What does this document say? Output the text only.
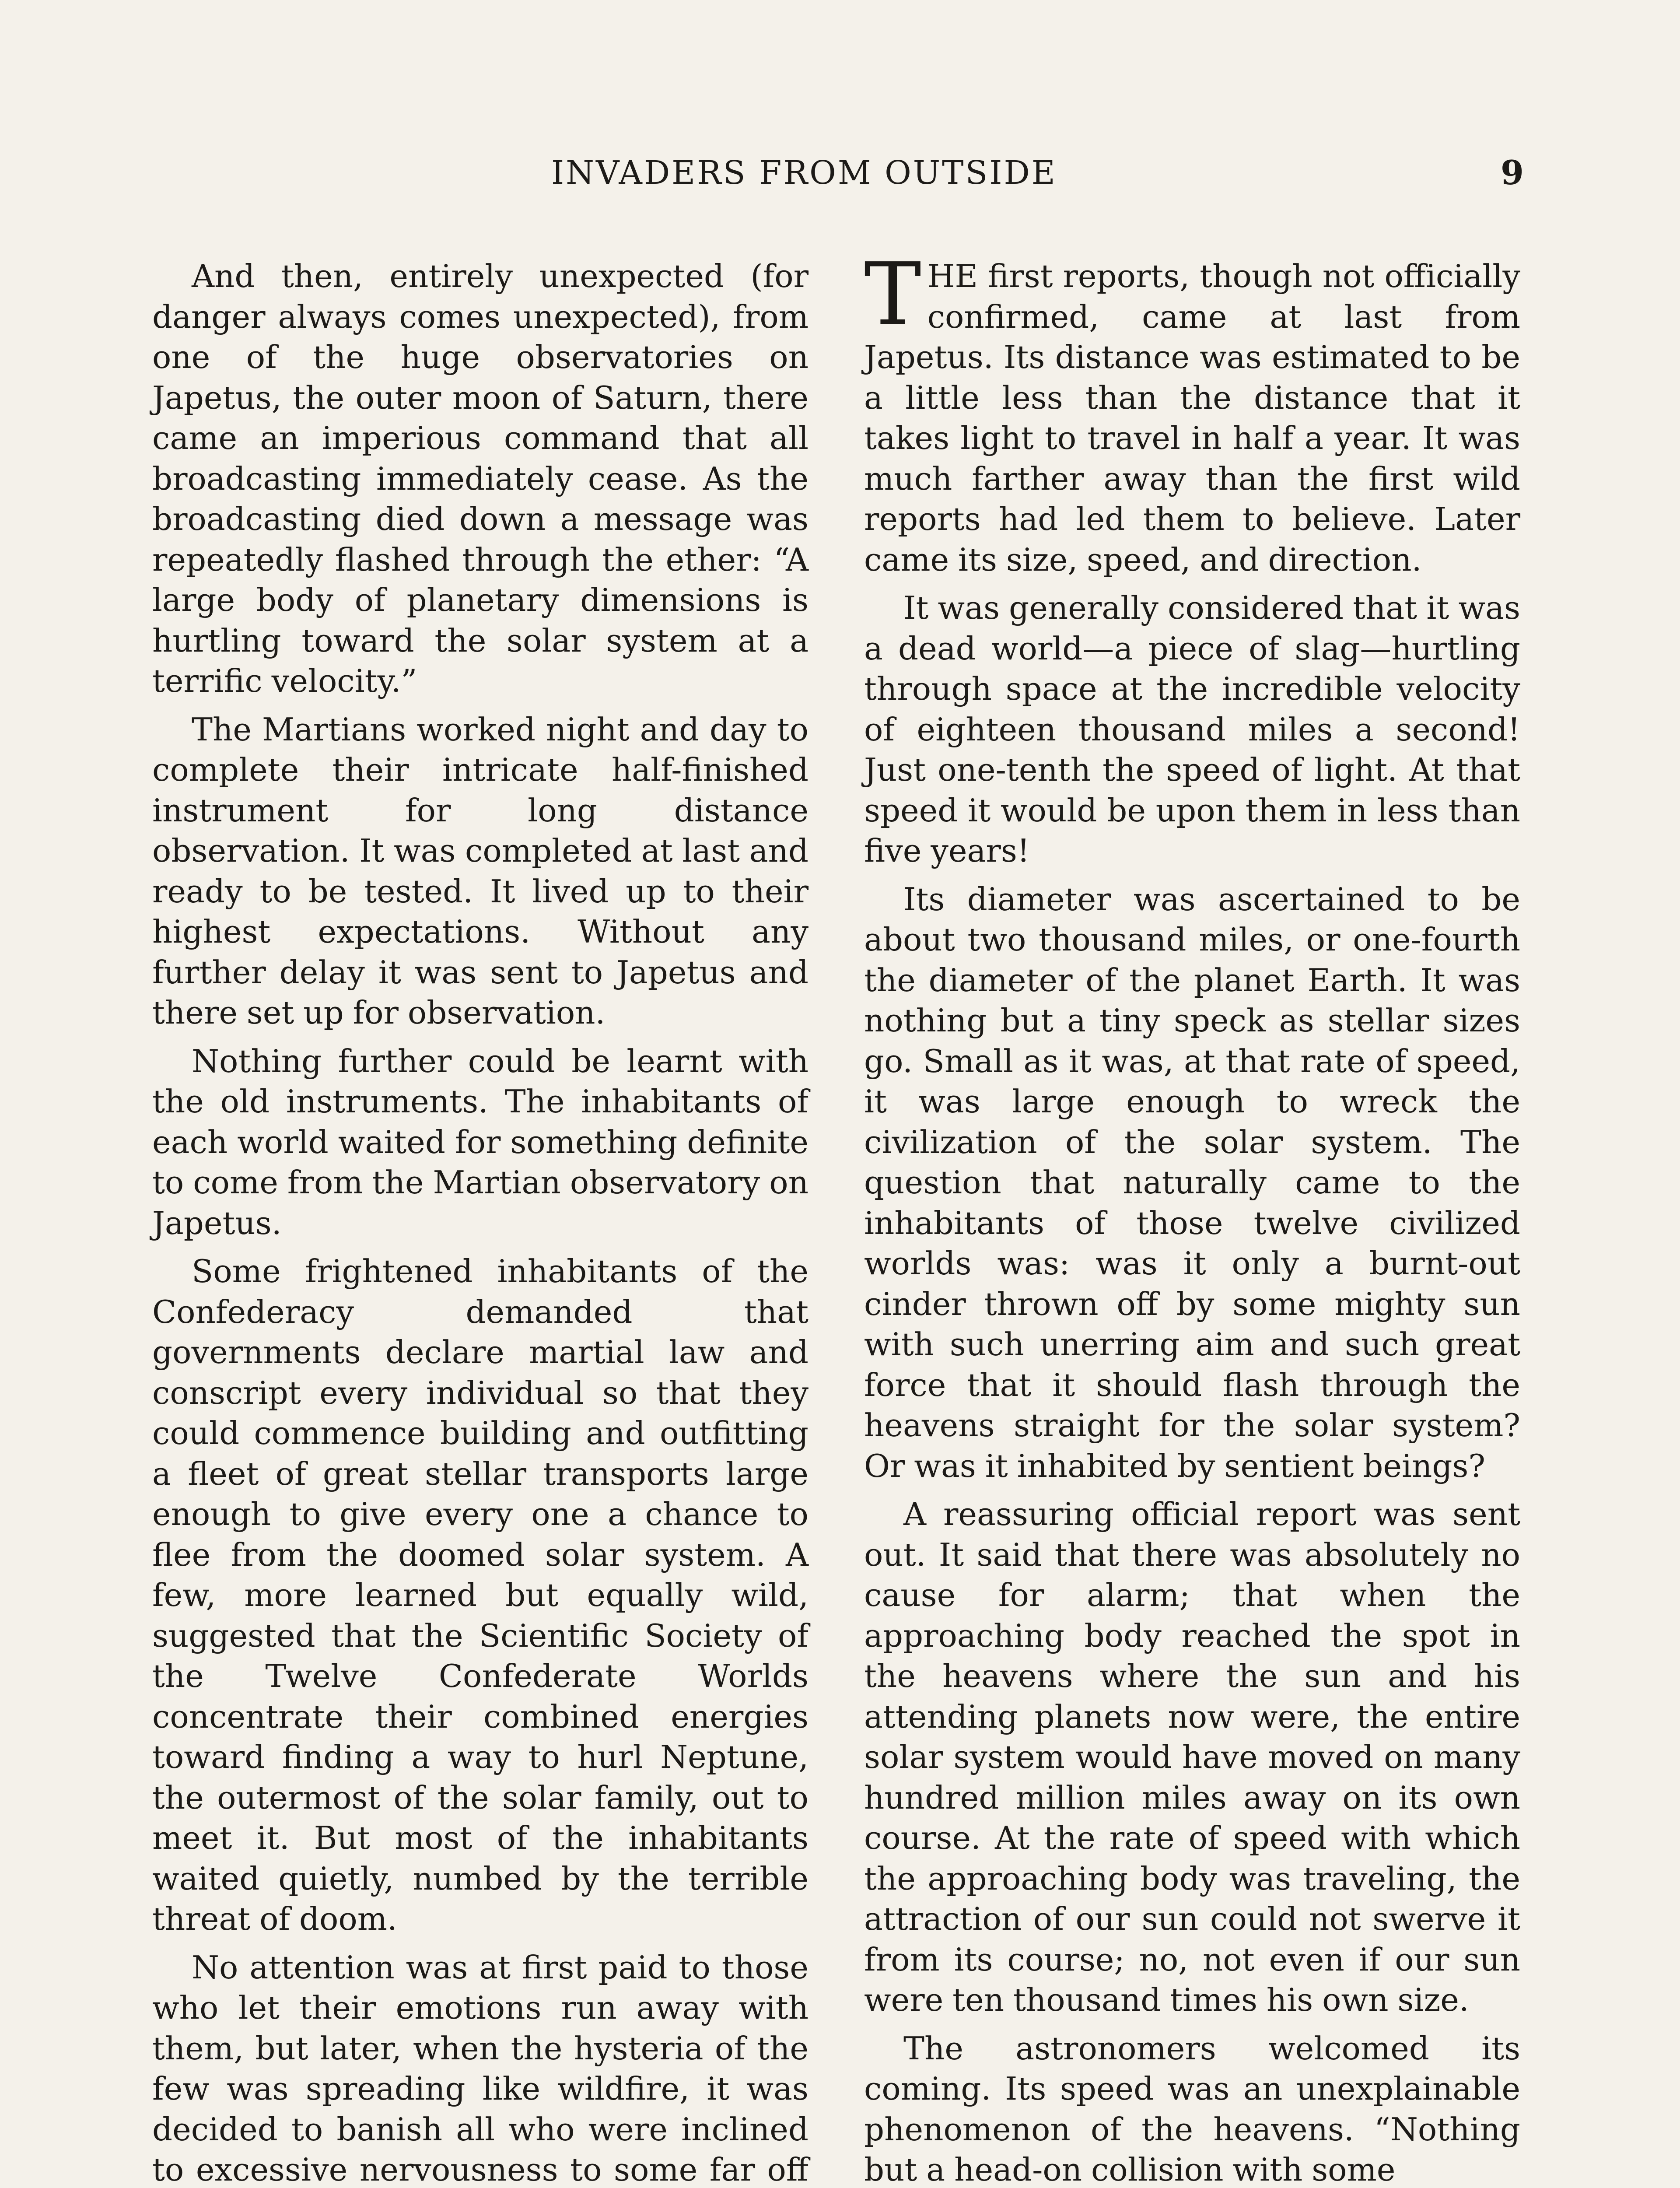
INVADERS FROM OUTSIDE	9

And then, entirely unexpected (for danger always comes unexpected), from one of the huge observatories on Japetus, the outer moon of Saturn, there came an imperious command that all broadcasting immediately cease. As the broadcasting died down a message was repeatedly flashed through the ether: “A large body of planetary dimensions is hurtling toward the solar system at a terrific velocity.”

The Martians worked night and day to complete their intricate half-finished instrument for long distance observation. It was completed at last and ready to be tested. It lived up to their highest expectations. Without any further delay it was sent to Japetus and there set up for observation.

Nothing further could be learnt with the old instruments. The inhabitants of each world waited for something definite to come from the Martian observatory on Japetus.

Some frightened inhabitants of the Confederacy demanded that governments declare martial law and conscript every individual so that they could commence building and outfitting a fleet of great stellar transports large enough to give every one a chance to flee from the doomed solar system. A few, more learned but equally wild, suggested that the Scientific Society of the Twelve Confederate Worlds concentrate their combined energies toward finding a way to hurl Neptune, the outermost of the solar family, out to meet it. But most of the inhabitants waited quietly, numbed by the terrible threat of doom.

No attention was at first paid to those who let their emotions run away with them, but later, when the hysteria of the few was spreading like wildfire, it was decided to banish all who were inclined to excessive nervousness to some far off

THE first reports, though not officially confirmed, came at last from Japetus. Its distance was estimated to be a little less than the distance that it takes light to travel in half a year. It was much farther away than the first wild reports had led them to believe. Later came its size, speed, and direction.

It was generally considered that it was a dead world—a piece of slag—hurtling through space at the incredible velocity of eighteen thousand miles a second! Just one-tenth the speed of light. At that speed it would be upon them in less than five years!

Its diameter was ascertained to be about two thousand miles, or one-fourth the diameter of the planet Earth. It was nothing but a tiny speck as stellar sizes go. Small as it was, at that rate of speed, it was large enough to wreck the civilization of the solar system. The question that naturally came to the inhabitants of those twelve civilized worlds was: was it only a burnt-out cinder thrown off by some mighty sun with such unerring aim and such great force that it should flash through the heavens straight for the solar system? Or was it inhabited by sentient beings?

A reassuring official report was sent out. It said that there was absolutely no cause for alarm; that when the approaching body reached the spot in the heavens where the sun and his attending planets now were, the entire solar system would have moved on many hundred million miles away on its own course. At the rate of speed with which the approaching body was traveling, the attraction of our sun could not swerve it from its course; no, not even if our sun were ten thousand times his own size.

The astronomers welcomed its coming. Its speed was an unexplainable phenomenon of the heavens. “Nothing but a head-on collision with some
